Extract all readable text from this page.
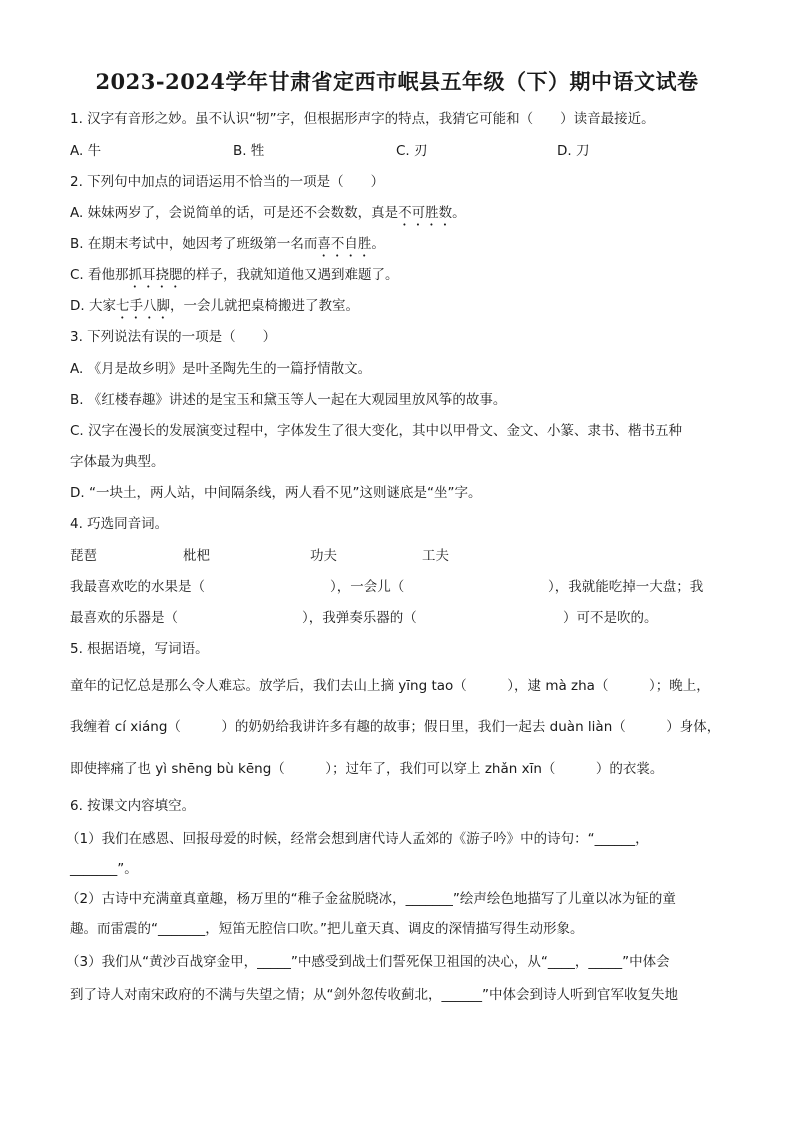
2023-2024学年甘肃省定西市岷县五年级（下）期中语文试卷
1. 汉字有音形之妙。虽不认识“牣”字，但根据形声字的特点，我猜它可能和（　　）读音最接近。
A. 牛	B. 牲	C. 刃	D. 刀
2. 下列句中加点的词语运用不恰当的一项是（　　）
A. 妹妹两岁了，会说简单的话，可是还不会数数，真是不可胜数。
B. 在期末考试中，她因考了班级第一名而喜不自胜。
C. 看他那抓耳挠腮的样子，我就知道他又遇到难题了。
D. 大家七手八脚，一会儿就把桌椅搬进了教室。
3. 下列说法有误的一项是（　　）
A. 《月是故乡明》是叶圣陶先生的一篇抒情散文。
B. 《红楼春趣》讲述的是宝玉和黛玉等人一起在大观园里放风筝的故事。
C. 汉字在漫长的发展演变过程中，字体发生了很大变化，其中以甲骨文、金文、小篆、隶书、楷书五种
字体最为典型。
D. “一块土，两人站，中间隔条线，两人看不见”这则谜底是“坐”字。
4. 巧选同音词。
琵琶	枇杷	功夫	工夫
我最喜欢吃的水果是（	），一会儿（	），我就能吃掉一大盘；我
最喜欢的乐器是（	），我弹奏乐器的（	）可不是吹的。
5. 根据语境，写词语。
童年的记忆总是那么令人难忘。放学后，我们去山上摘 yīng tao（　　　），逮 mà zha（　　　）；晚上，
我缠着 cí xiáng（　　　）的奶奶给我讲许多有趣的故事；假日里，我们一起去 duàn liàn（　　　）身体，
即使摔痛了也 yì shēng bù kēng（　　　）；过年了，我们可以穿上 zhǎn xīn（　　　）的衣裳。
6. 按课文内容填空。
（1）我们在感恩、回报母爱的时候，经常会想到唐代诗人孟郊的《游子吟》中的诗句：“______，
_______”。
（2）古诗中充满童真童趣，杨万里的“稚子金盆脱晓冰，_______”绘声绘色地描写了儿童以冰为钲的童
趣。而雷震的“_______，短笛无腔信口吹。”把儿童天真、调皮的深情描写得生动形象。
（3）我们从“黄沙百战穿金甲，_____”中感受到战士们誓死保卫祖国的决心，从“____，_____”中体会
到了诗人对南宋政府的不满与失望之情；从“剑外忽传收蓟北，______”中体会到诗人听到官军收复失地
